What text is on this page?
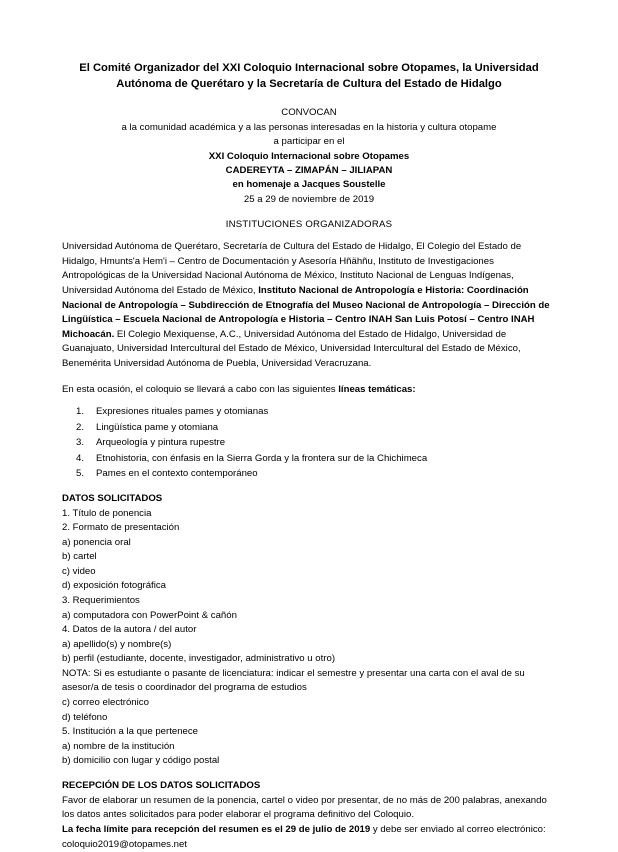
El Comité Organizador del XXI Coloquio Internacional sobre Otopames, la Universidad Autónoma de Querétaro y la Secretaría de Cultura del Estado de Hidalgo

CONVOCAN

a la comunidad académica y a las personas interesadas en la historia y cultura otopame

a participar en el

XXI Coloquio Internacional sobre Otopames

CADEREYTA – ZIMAPÁN – JILIAPAN

en homenaje a Jacques Soustelle

25 a 29 de noviembre de 2019

INSTITUCIONES ORGANIZADORAS

Universidad Autónoma de Querétaro, Secretaría de Cultura del Estado de Hidalgo, El Colegio del Estado de Hidalgo, Hmunts'a Hem'i – Centro de Documentación y Asesoría Hñähñu, Instituto de Investigaciones Antropológicas de la Universidad Nacional Autónoma de México, Instituto Nacional de Lenguas Indígenas, Universidad Autónoma del Estado de México, Instituto Nacional de Antropología e Historia: Coordinación Nacional de Antropología – Subdirección de Etnografía del Museo Nacional de Antropología – Dirección de Lingüística – Escuela Nacional de Antropología e Historia – Centro INAH San Luis Potosí – Centro INAH Michoacán. El Colegio Mexiquense, A.C., Universidad Autónoma del Estado de Hidalgo, Universidad de Guanajuato, Universidad Intercultural del Estado de México, Universidad Intercultural del Estado de México, Benemérita Universidad Autónoma de Puebla, Universidad Veracruzana.

En esta ocasión, el coloquio se llevará a cabo con las siguientes líneas temáticas:

1.	Expresiones rituales pames y otomianas
2.	Lingüística pame y otomiana
3.	Arqueología y pintura rupestre
4.	Etnohistoria, con énfasis en la Sierra Gorda y la frontera sur de la Chichimeca
5.	Pames en el contexto contemporáneo

DATOS SOLICITADOS

1. Título de ponencia

2. Formato de presentación

a) ponencia oral

b) cartel

c) video

d) exposición fotográfica

3. Requerimientos

a) computadora con PowerPoint & cañón

4. Datos de la autora / del autor

a) apellido(s) y nombre(s)

b) perfil (estudiante, docente, investigador, administrativo u otro)

NOTA: Si es estudiante o pasante de licenciatura: indicar el semestre y presentar una carta con el aval de su asesor/a de tesis o coordinador del programa de estudios

c) correo electrónico

d) teléfono

5. Institución a la que pertenece

a) nombre de la institución

b) domicilio con lugar y código postal

RECEPCIÓN DE LOS DATOS SOLICITADOS

Favor de elaborar un resumen de la ponencia, cartel o video por presentar, de no más de 200 palabras, anexando los datos antes solicitados para poder elaborar el programa definitivo del Coloquio.

La fecha límite para recepción del resumen es el 29 de julio de 2019 y debe ser enviado al correo electrónico: coloquio2019@otopames.net
